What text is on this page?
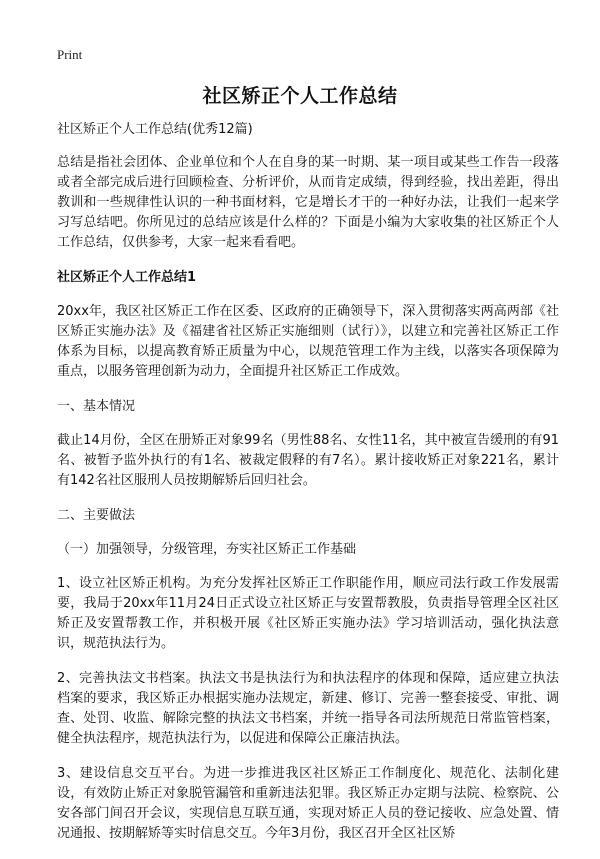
Print
社区矫正个人工作总结

社区矫正个人工作总结(优秀12篇)

总结是指社会团体、企业单位和个人在自身的某一时期、某一项目或某些工作告一段落或者全部完成后进行回顾检查、分析评价，从而肯定成绩，得到经验，找出差距，得出教训和一些规律性认识的一种书面材料，它是增长才干的一种好办法，让我们一起来学习写总结吧。你所见过的总结应该是什么样的？下面是小编为大家收集的社区矫正个人工作总结，仅供参考，大家一起来看看吧。

社区矫正个人工作总结1

20xx年，我区社区矫正工作在区委、区政府的正确领导下，深入贯彻落实两高两部《社区矫正实施办法》及《福建省社区矫正实施细则（试行）》，以建立和完善社区矫正工作体系为目标，以提高教育矫正质量为中心，以规范管理工作为主线，以落实各项保障为重点，以服务管理创新为动力，全面提升社区矫正工作成效。

一、基本情况

截止14月份，全区在册矫正对象99名（男性88名、女性11名，其中被宣告缓刑的有91名、被暂予监外执行的有1名、被裁定假释的有7名）。累计接收矫正对象221名，累计有142名社区服刑人员按期解矫后回归社会。

二、主要做法

（一）加强领导，分级管理，夯实社区矫正工作基础

1、设立社区矫正机构。为充分发挥社区矫正工作职能作用，顺应司法行政工作发展需要，我局于20xx年11月24日正式设立社区矫正与安置帮教股，负责指导管理全区社区矫正及安置帮教工作，并积极开展《社区矫正实施办法》学习培训活动，强化执法意识，规范执法行为。

2、完善执法文书档案。执法文书是执法行为和执法程序的体现和保障，适应建立执法档案的要求，我区矫正办根据实施办法规定，新建、修订、完善一整套接受、审批、调查、处罚、收监、解除完整的执法文书档案，并统一指导各司法所规范日常监管档案，健全执法程序，规范执法行为，以促进和保障公正廉洁执法。

3、建设信息交互平台。为进一步推进我区社区矫正工作制度化、规范化、法制化建设，有效防止矫正对象脱管漏管和重新违法犯罪。我区矫正办定期与法院、检察院、公安各部门间召开会议，实现信息互联互通，实现对矫正人员的登记接收、应急处置、情况通报、按期解矫等实时信息交互。今年3月份，我区召开全区社区矫
